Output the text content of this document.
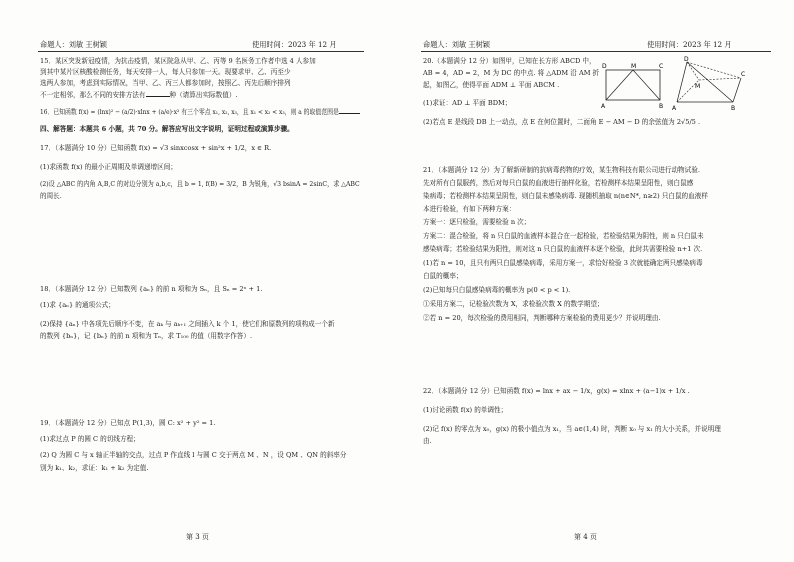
命题人：刘敏 王树颖	使用时间：2023 年 12 月
15．某区突发新冠疫情，为抗击疫情，某区院急从甲、乙、丙等 9 名医务工作者中选 4 人参加
到其中某片区核酸检测任务，每天安排一人，每人只参加一天。现要求甲、乙、丙至少
选两人参加，考虑到实际情况，当甲、乙、丙三人都参加时，按照乙、丙先后顺序排列
不一定相邻，那么不同的安排方法有	种（请算出实际数值）.
16．已知函数 f(x) = (lnx)² − (a/2)·xlnx + (a/e)·x² 有三个零点 x₁, x₂, x₃，且 x₁ < x₂ < x₃，则 a 的取值范围是
四、解答题：本题共 6 小题，共 70 分。解答应写出文字说明，证明过程或演算步骤。
17．（本题满分 10 分）已知函数 f(x) = √3 sinxcosx + sin²x + 1/2，x ∈ R.
(1)求函数 f(x) 的最小正周期及单调递增区间；
(2)设 △ABC 的内角 A,B,C 的对边分别为 a,b,c，且 b = 1, f(B) = 3/2，B 为锐角，√3 bsinA = 2sinC，求 △ABC
的周长.
18．（本题满分 12 分）已知数列 {aₙ} 的前 n 项和为 Sₙ，且 Sₙ = 2ⁿ + 1.
(1)求 {aₙ} 的通项公式；
(2)保持 {aₙ} 中各项先后顺序不变，在 aₖ 与 aₖ₊₁ 之间插入 k 个 1，使它们和原数列的项构成一个新
的数列 {bₙ}，记 {bₙ} 的前 n 项和为 Tₙ，求 T₁₀₀ 的值（用数字作答）.
19．（本题满分 12 分）已知点 P(1,3)，圆 C: x² + y² = 1.
(1)求过点 P 的圆 C 的切线方程；
(2) Q 为圆 C 与 x 轴正半轴的交点，过点 P 作直线 l 与圆 C 交于两点 M 、N ，设 QM 、QN 的斜率分
别为 k₁、k₂，求证：k₁ + k₂ 为定值.
第 3 页
命题人：刘敏 王树颖	使用时间：2023 年 12 月
20.（本题满分 12 分）如图甲，已知在长方形 ABCD 中，
AB = 4，AD = 2，M 为 DC 的中点. 将 △ADM 沿 AM 折
起，如图乙，使得平面 ADM ⊥ 平面 ABCM .
(1)求证：AD ⊥ 平面 BDM；
(2)若点 E 是线段 DB 上一动点，点 E 在何位置时，二面角 E − AM − D 的余弦值为 2√5/5 .
D	M	C
A	B
D
M
C
A	B
21．（本题满分 12 分）为了解新研制的抗病毒药物的疗效，某生物科技有限公司进行动物试验.
先对所有白鼠服药，然后对每只白鼠的血液进行抽样化验，若检测样本结果呈阳性，则白鼠感
染病毒；若检测样本结果呈阴性，则白鼠未感染病毒. 现随机抽取 n(n∈N*, n≥2) 只白鼠的血液样
本进行检验，有如下两种方案：
方案一：逐只检验，需要检验 n 次；
方案二：混合检验，将 n 只白鼠的血液样本混合在一起检验，若检验结果为阴性，则 n 只白鼠未
感染病毒；若检验结果为阳性，则对这 n 只白鼠的血液样本逐个检验，此时共需要检验 n+1 次.
(1)若 n = 10，且只有两只白鼠感染病毒，采用方案一，求恰好检验 3 次就能确定两只感染病毒
白鼠的概率；
(2)已知每只白鼠感染病毒的概率为 p(0 < p < 1).
①采用方案二，记检验次数为 X，求检验次数 X 的数学期望；
②若 n = 20，每次检验的费用相同，判断哪种方案检验的费用更少？并说明理由.
22．（本题满分 12 分）已知函数 f(x) = lnx + ax − 1/x，g(x) = xlnx + (a−1)x + 1/x .
(1)讨论函数 f(x) 的单调性；
(2)记 f(x) 的零点为 x₀，g(x) 的极小值点为 x₁，当 a∈(1,4) 时，判断 x₀ 与 x₁ 的大小关系，并说明理
由.
第 4 页
